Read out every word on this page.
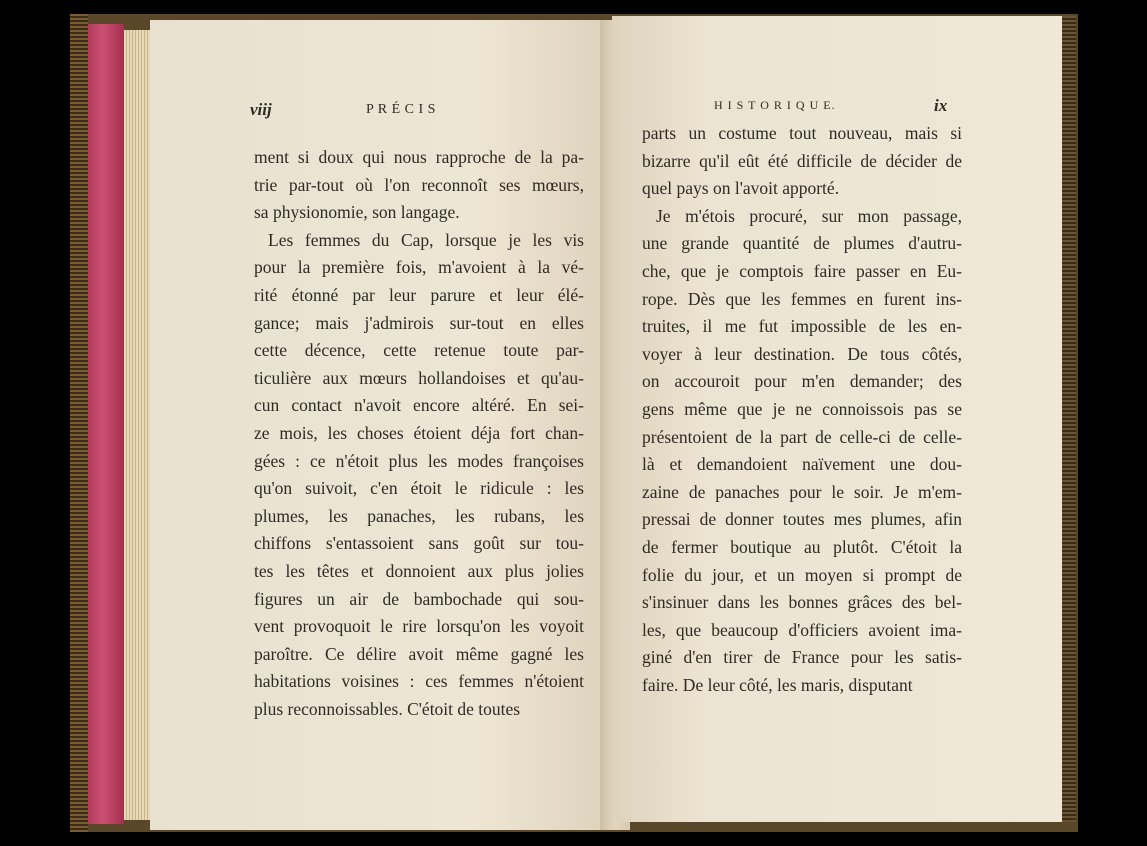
viij	P R É C I S
ment si doux qui nous rapproche de la pa-
trie par-tout où l'on reconnoît ses mœurs,
sa physionomie, son langage.
Les femmes du Cap, lorsque je les vis
pour la première fois, m'avoient à la vé-
rité étonné par leur parure et leur élé-
gance; mais j'admirois sur-tout en elles
cette décence, cette retenue toute par-
ticulière aux mœurs hollandoises et qu'au-
cun contact n'avoit encore altéré. En sei-
ze mois, les choses étoient déja fort chan-
gées : ce n'étoit plus les modes françoises
qu'on suivoit, c'en étoit le ridicule : les
plumes, les panaches, les rubans, les
chiffons s'entassoient sans goût sur tou-
tes les têtes et donnoient aux plus jolies
figures un air de bambochade qui sou-
vent provoquoit le rire lorsqu'on les voyoit
paroître. Ce délire avoit même gagné les
habitations voisines : ces femmes n'étoient
plus reconnoissables. C'étoit de toutes
H I S T O R I Q U E.	ix
parts un costume tout nouveau, mais si
bizarre qu'il eût été difficile de décider de
quel pays on l'avoit apporté.
Je m'étois procuré, sur mon passage,
une grande quantité de plumes d'autru-
che, que je comptois faire passer en Eu-
rope. Dès que les femmes en furent ins-
truites, il me fut impossible de les en-
voyer à leur destination. De tous côtés,
on accouroit pour m'en demander; des
gens même que je ne connoissois pas se
présentoient de la part de celle-ci de celle-
là et demandoient naïvement une dou-
zaine de panaches pour le soir. Je m'em-
pressai de donner toutes mes plumes, afin
de fermer boutique au plutôt. C'étoit la
folie du jour, et un moyen si prompt de
s'insinuer dans les bonnes grâces des bel-
les, que beaucoup d'officiers avoient ima-
giné d'en tirer de France pour les satis-
faire. De leur côté, les maris, disputant
